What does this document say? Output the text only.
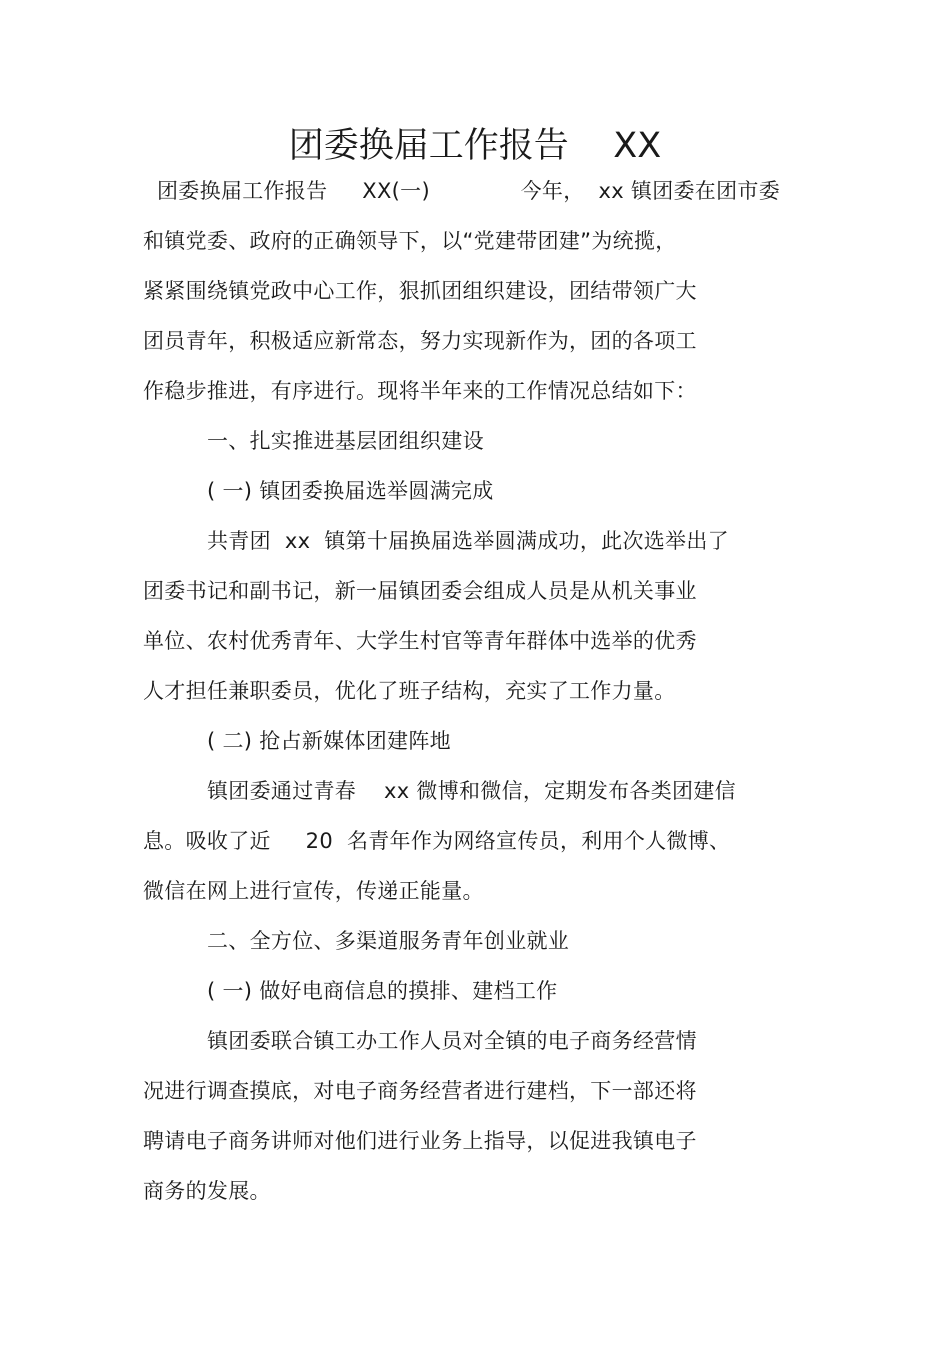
团委换届工作报告    XX
团委换届工作报告     XX(一)             今年，  xx 镇团委在团市委
和镇党委、政府的正确领导下，以“党建带团建”为统揽，
紧紧围绕镇党政中心工作，狠抓团组织建设，团结带领广大
团员青年，积极适应新常态，努力实现新作为，团的各项工
作稳步推进，有序进行。现将半年来的工作情况总结如下：
一、扎实推进基层团组织建设
( 一) 镇团委换届选举圆满完成
共青团  xx  镇第十届换届选举圆满成功，此次选举出了
团委书记和副书记，新一届镇团委会组成人员是从机关事业
单位、农村优秀青年、大学生村官等青年群体中选举的优秀
人才担任兼职委员，优化了班子结构，充实了工作力量。
( 二) 抢占新媒体团建阵地
镇团委通过青春    xx 微博和微信，定期发布各类团建信
息。吸收了近     20  名青年作为网络宣传员，利用个人微博、
微信在网上进行宣传，传递正能量。
二、全方位、多渠道服务青年创业就业
( 一) 做好电商信息的摸排、建档工作
镇团委联合镇工办工作人员对全镇的电子商务经营情
况进行调查摸底，对电子商务经营者进行建档，下一部还将
聘请电子商务讲师对他们进行业务上指导，以促进我镇电子
商务的发展。
